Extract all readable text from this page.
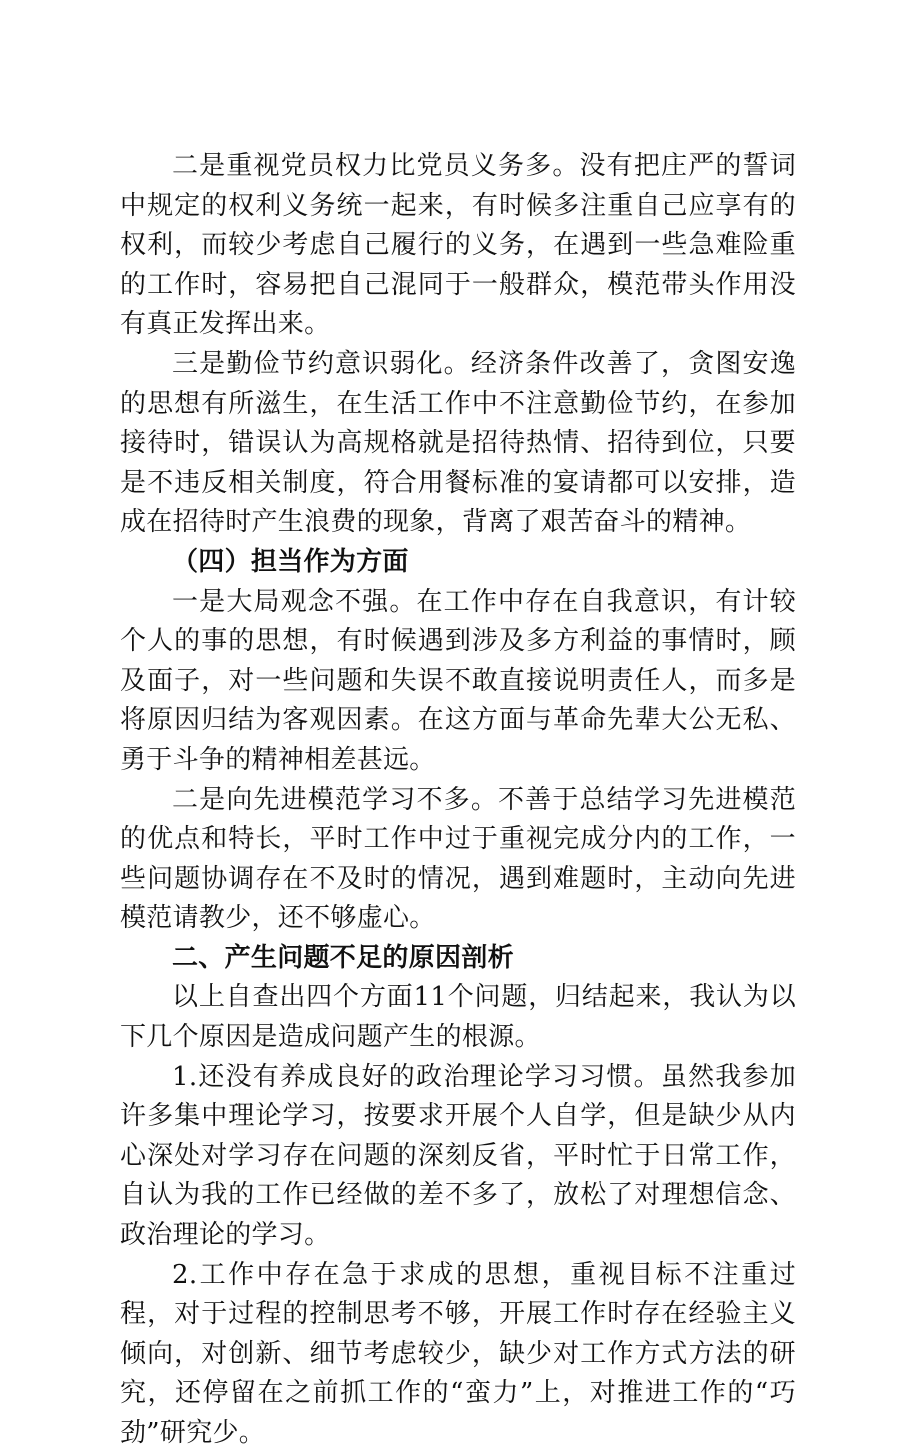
二是重视党员权力比党员义务多。没有把庄严的誓词中规定的权利义务统一起来，有时候多注重自己应享有的权利，而较少考虑自己履行的义务，在遇到一些急难险重的工作时，容易把自己混同于一般群众，模范带头作用没有真正发挥出来。

三是勤俭节约意识弱化。经济条件改善了，贪图安逸的思想有所滋生，在生活工作中不注意勤俭节约，在参加接待时，错误认为高规格就是招待热情、招待到位，只要是不违反相关制度，符合用餐标准的宴请都可以安排，造成在招待时产生浪费的现象，背离了艰苦奋斗的精神。

（四）担当作为方面

一是大局观念不强。在工作中存在自我意识，有计较个人的事的思想，有时候遇到涉及多方利益的事情时，顾及面子，对一些问题和失误不敢直接说明责任人，而多是将原因归结为客观因素。在这方面与革命先辈大公无私、勇于斗争的精神相差甚远。

二是向先进模范学习不多。不善于总结学习先进模范的优点和特长，平时工作中过于重视完成分内的工作，一些问题协调存在不及时的情况，遇到难题时，主动向先进模范请教少，还不够虚心。

二、产生问题不足的原因剖析

以上自查出四个方面11个问题，归结起来，我认为以下几个原因是造成问题产生的根源。

1.还没有养成良好的政治理论学习习惯。虽然我参加许多集中理论学习，按要求开展个人自学，但是缺少从内心深处对学习存在问题的深刻反省，平时忙于日常工作，自认为我的工作已经做的差不多了，放松了对理想信念、政治理论的学习。

2.工作中存在急于求成的思想，重视目标不注重过程，对于过程的控制思考不够，开展工作时存在经验主义倾向，对创新、细节考虑较少，缺少对工作方式方法的研究，还停留在之前抓工作的“蛮力”上，对推进工作的“巧劲”研究少。
